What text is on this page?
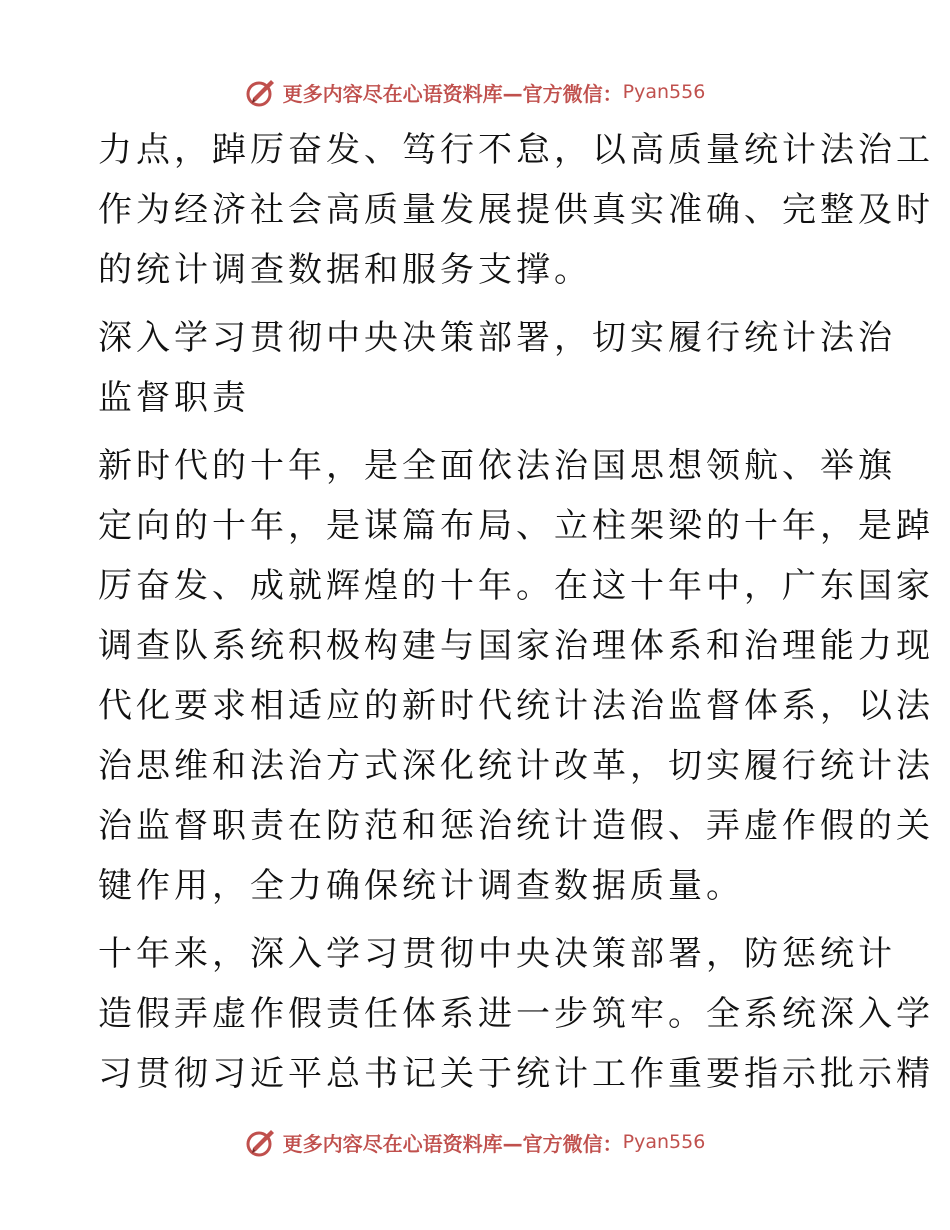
更多内容尽在心语资料库—官方微信： Pyan556
力点，踔厉奋发、笃行不怠，以高质量统计法治工
作为经济社会高质量发展提供真实准确、完整及时
的统计调查数据和服务支撑。
深入学习贯彻中央决策部署，切实履行统计法治
监督职责
新时代的十年，是全面依法治国思想领航、举旗
定向的十年，是谋篇布局、立柱架梁的十年，是踔
厉奋发、成就辉煌的十年。在这十年中，广东国家
调查队系统积极构建与国家治理体系和治理能力现
代化要求相适应的新时代统计法治监督体系，以法
治思维和法治方式深化统计改革，切实履行统计法
治监督职责在防范和惩治统计造假、弄虚作假的关
键作用，全力确保统计调查数据质量。
十年来，深入学习贯彻中央决策部署，防惩统计
造假弄虚作假责任体系进一步筑牢。全系统深入学
习贯彻习近平总书记关于统计工作重要指示批示精
更多内容尽在心语资料库—官方微信： Pyan556
